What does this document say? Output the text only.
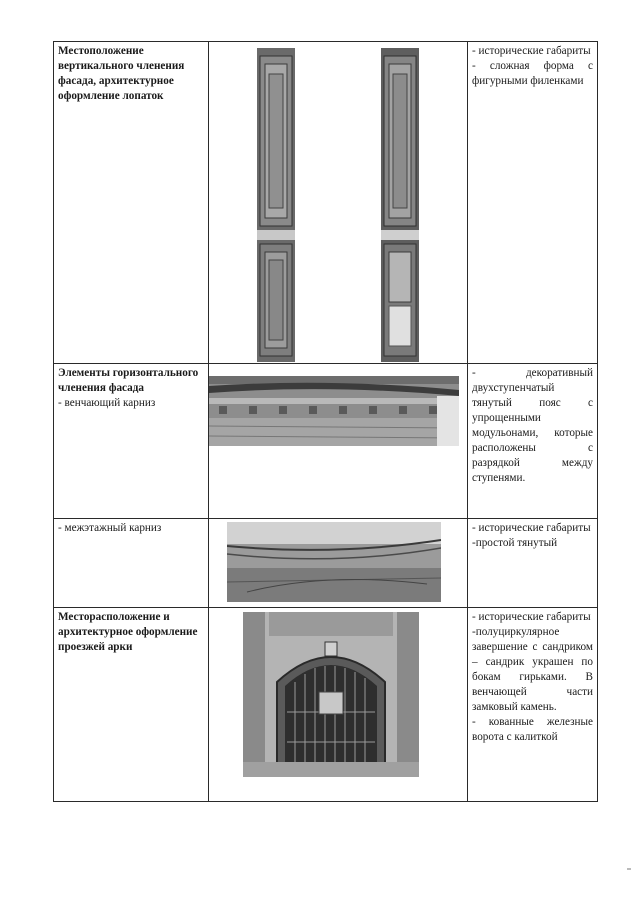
Местоположение вертикального членения фасада, архитектурное оформление лопаток		- исторические габариты
- сложная форма с фигурными филенками

Элементы горизонтального членения фасада
- венчающий карниз		- декоративный двухступенчатый тянутый пояс с упрощенными модульонами, которые расположены с разрядкой между ступенями.

- межэтажный карниз		- исторические габариты
-простой тянутый

Месторасположение и архитектурное оформление проезжей арки		- исторические габариты
-полуциркулярное завершение с сандриком – сандрик украшен по бокам гирьками. В венчающей части замковый камень.
- кованные железные ворота с калиткой
